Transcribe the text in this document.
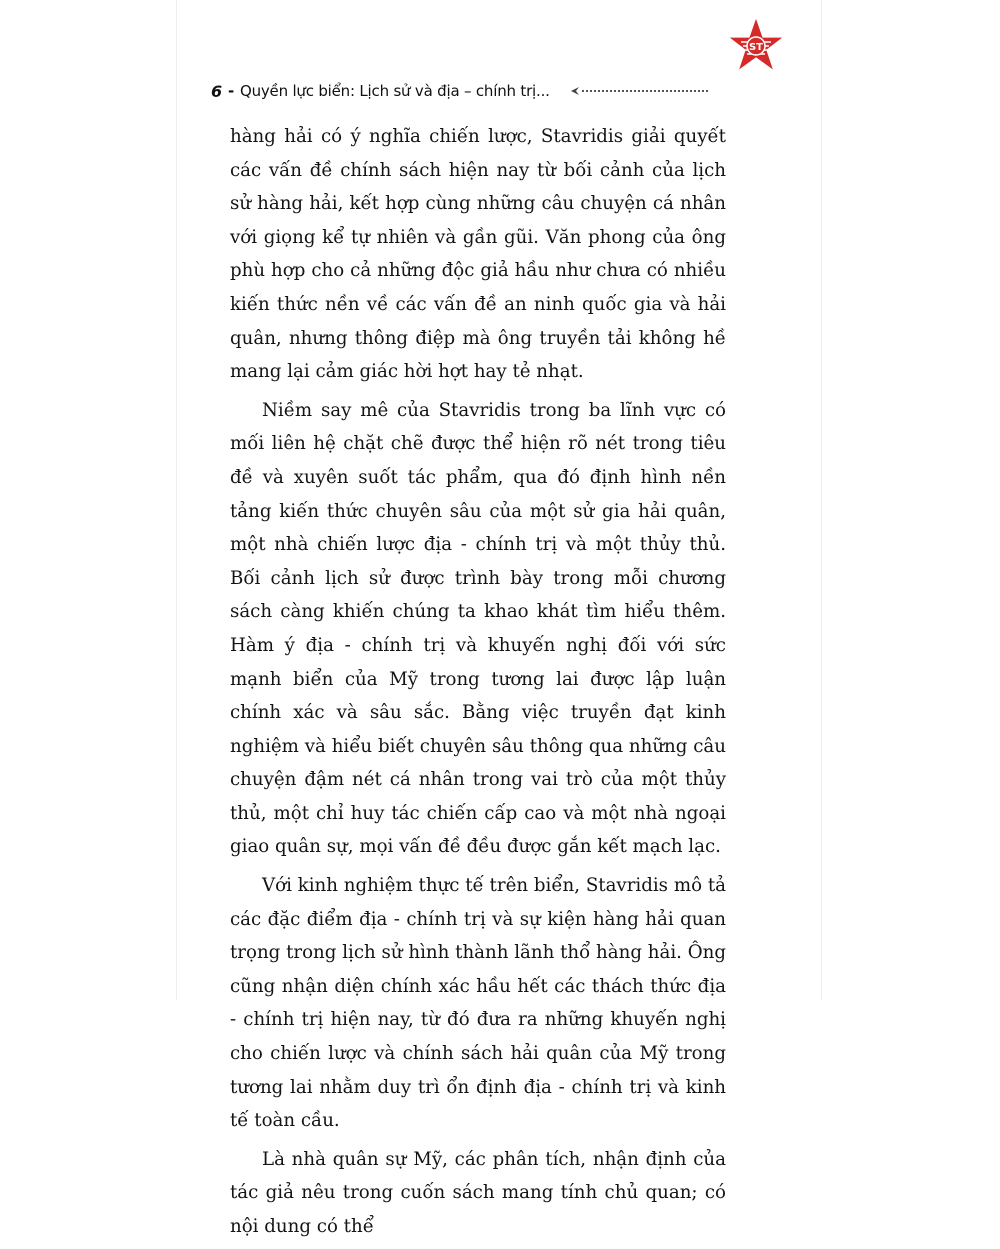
ST
6 - Quyền lực biển: Lịch sử và địa – chính trị...

hàng hải có ý nghĩa chiến lược, Stavridis giải quyết các vấn đề chính sách hiện nay từ bối cảnh của lịch sử hàng hải, kết hợp cùng những câu chuyện cá nhân với giọng kể tự nhiên và gần gũi. Văn phong của ông phù hợp cho cả những độc giả hầu như chưa có nhiều kiến thức nền về các vấn đề an ninh quốc gia và hải quân, nhưng thông điệp mà ông truyền tải không hề mang lại cảm giác hời hợt hay tẻ nhạt.

Niềm say mê của Stavridis trong ba lĩnh vực có mối liên hệ chặt chẽ được thể hiện rõ nét trong tiêu đề và xuyên suốt tác phẩm, qua đó định hình nền tảng kiến thức chuyên sâu của một sử gia hải quân, một nhà chiến lược địa - chính trị và một thủy thủ. Bối cảnh lịch sử được trình bày trong mỗi chương sách càng khiến chúng ta khao khát tìm hiểu thêm. Hàm ý địa - chính trị và khuyến nghị đối với sức mạnh biển của Mỹ trong tương lai được lập luận chính xác và sâu sắc. Bằng việc truyền đạt kinh nghiệm và hiểu biết chuyên sâu thông qua những câu chuyện đậm nét cá nhân trong vai trò của một thủy thủ, một chỉ huy tác chiến cấp cao và một nhà ngoại giao quân sự, mọi vấn đề đều được gắn kết mạch lạc.

Với kinh nghiệm thực tế trên biển, Stavridis mô tả các đặc điểm địa - chính trị và sự kiện hàng hải quan trọng trong lịch sử hình thành lãnh thổ hàng hải. Ông cũng nhận diện chính xác hầu hết các thách thức địa - chính trị hiện nay, từ đó đưa ra những khuyến nghị cho chiến lược và chính sách hải quân của Mỹ trong tương lai nhằm duy trì ổn định địa - chính trị và kinh tế toàn cầu.

Là nhà quân sự Mỹ, các phân tích, nhận định của tác giả nêu trong cuốn sách mang tính chủ quan; có nội dung có thể
